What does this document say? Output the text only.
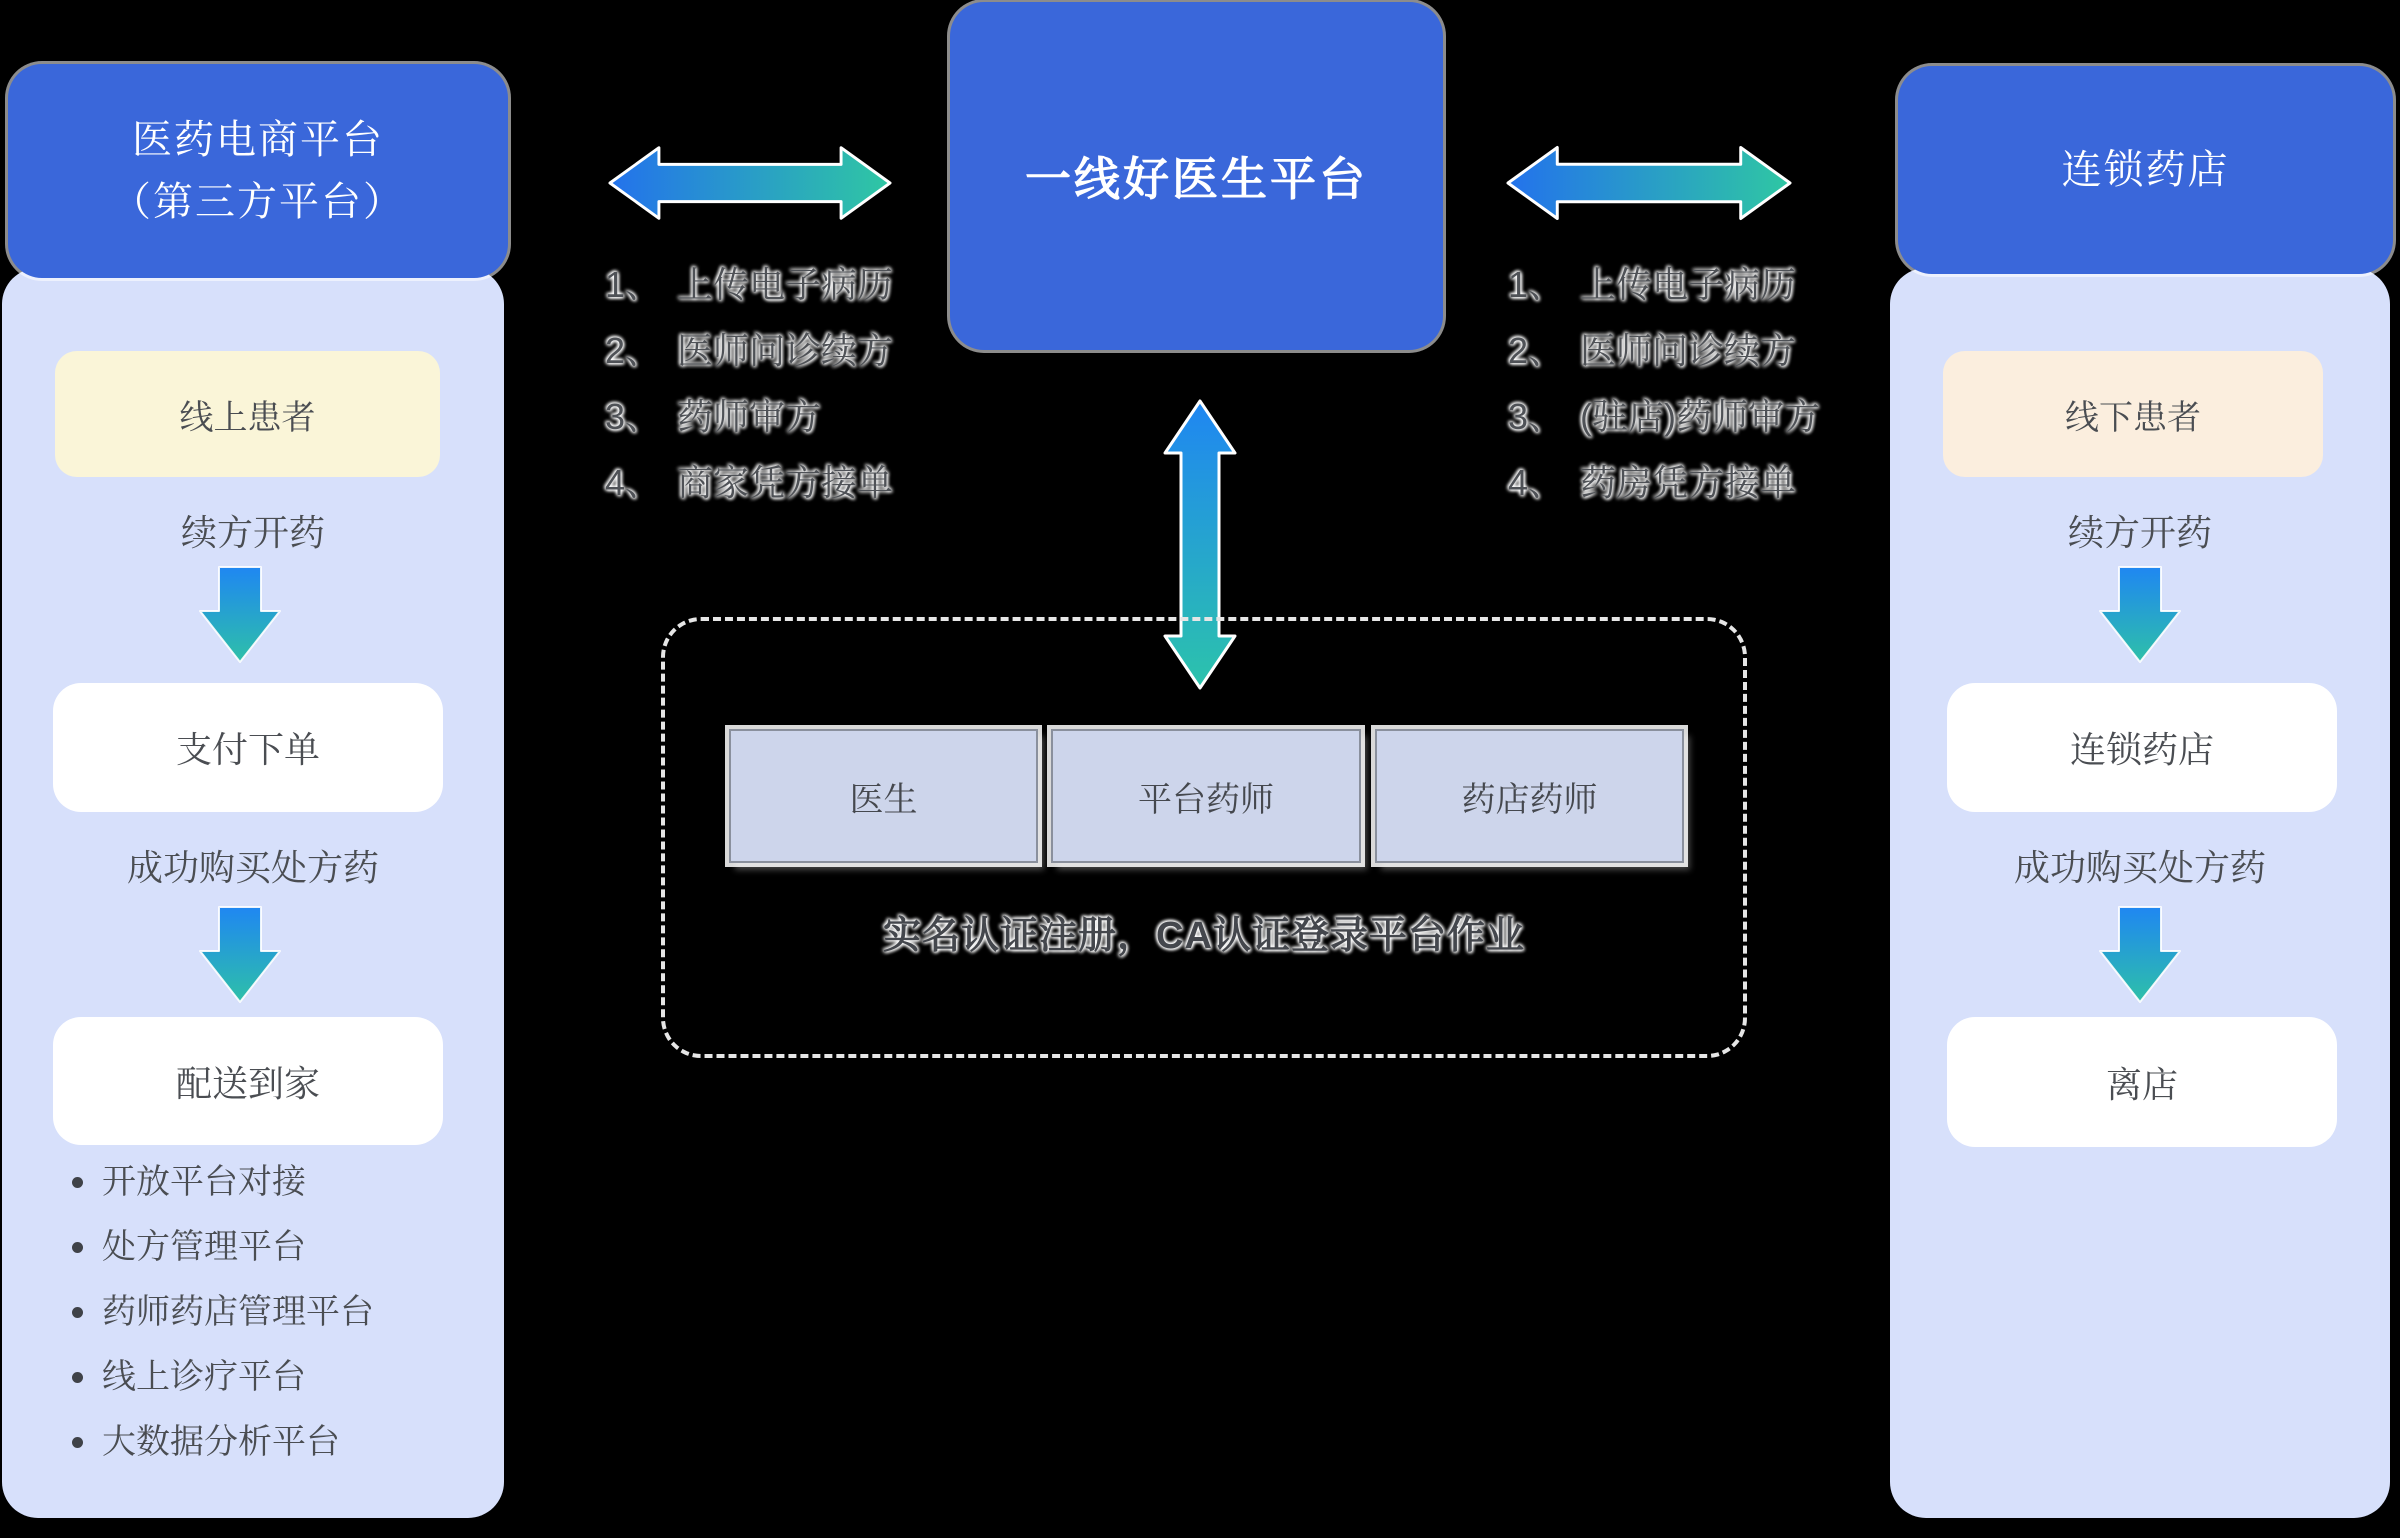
医药电商平台
（第三方平台）
线上患者
续方开药
支付下单
成功购买处方药
配送到家
开放平台对接
处方管理平台
药师药店管理平台
线上诊疗平台
大数据分析平台
一线好医生平台
1、 上传电子病历
2、 医师问诊续方
3、 药师审方
4、 商家凭方接单
1、 上传电子病历
2、 医师问诊续方
3、 (驻店)药师审方
4、 药房凭方接单
医生	平台药师	药店药师
实名认证注册，CA认证登录平台作业
连锁药店
线下患者
续方开药
连锁药店
成功购买处方药
离店
